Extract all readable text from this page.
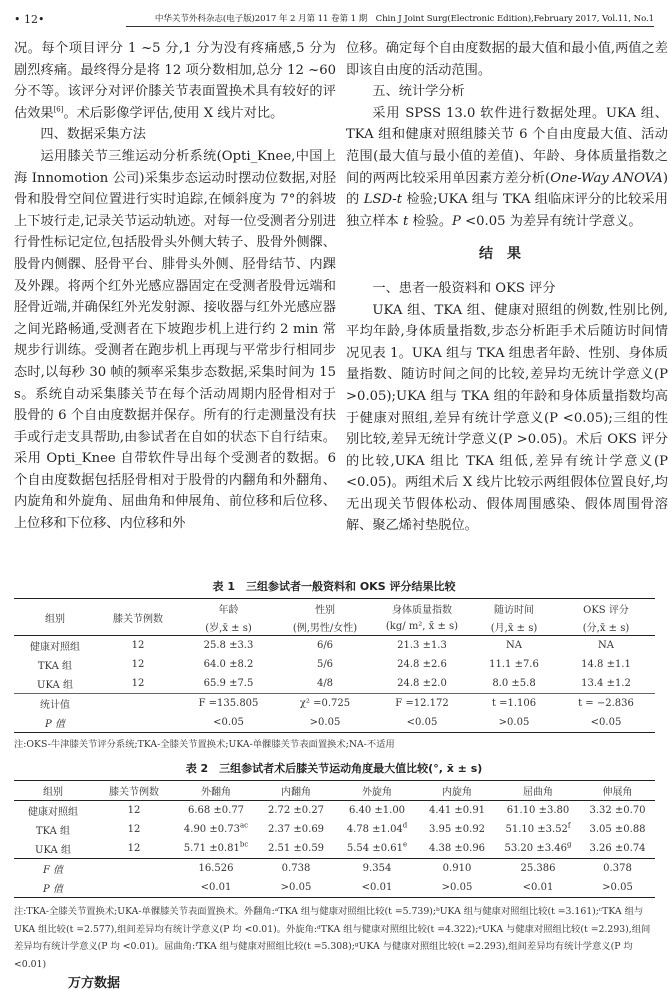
• 12•	中华关节外科杂志(电子版)2017 年 2 月第 11 卷第 1 期　Chin J Joint Surg(Electronic Edition),February 2017, Vol.11, No.1

况。每个项目评分 1 ~5 分,1 分为没有疼痛感,5 分为剧烈疼痛。最终得分是将 12 项分数相加,总分 12 ~60 分不等。该评分对评价膝关节表面置换术具有较好的评估效果[6]。术后影像学评估,使用 X 线片对比。

四、数据采集方法

运用膝关节三维运动分析系统(Opti_Knee,中国上海 Innomotion 公司)采集步态运动时摆动位数据,对胫骨和股骨空间位置进行实时追踪,在倾斜度为 7°的斜坡上下坡行走,记录关节运动轨迹。对每一位受测者分别进行骨性标记定位,包括股骨头外侧大转子、股骨外侧髁、股骨内侧髁、胫骨平台、腓骨头外侧、胫骨结节、内踝及外踝。将两个红外光感应器固定在受测者股骨远端和胫骨近端,并确保红外光发射源、接收器与红外光感应器之间光路畅通,受测者在下坡跑步机上进行约 2 min 常规步行训练。受测者在跑步机上再现与平常步行相同步态时,以每秒 30 帧的频率采集步态数据,采集时间为 15 s。系统自动采集膝关节在每个活动周期内胫骨相对于股骨的 6 个自由度数据并保存。所有的行走测量没有扶手或行走支具帮助,由参试者在自如的状态下自行结束。采用 Opti_Knee 自带软件导出每个受测者的数据。6 个自由度数据包括胫骨相对于股骨的内翻角和外翻角、内旋角和外旋角、屈曲角和伸展角、前位移和后位移、上位移和下位移、内位移和外

位移。确定每个自由度数据的最大值和最小值,两值之差即该自由度的活动范围。

五、统计学分析

采用 SPSS 13.0 软件进行数据处理。UKA 组、TKA 组和健康对照组膝关节 6 个自由度最大值、活动范围(最大值与最小值的差值)、年龄、身体质量指数之间的两两比较采用单因素方差分析(One-Way ANOVA)的 LSD-t 检验;UKA 组与 TKA 组临床评分的比较采用独立样本 t 检验。P <0.05 为差异有统计学意义。

结果

一、患者一般资料和 OKS 评分

UKA 组、TKA 组、健康对照组的例数,性别比例,平均年龄,身体质量指数,步态分析距手术后随访时间情况见表 1。UKA 组与 TKA 组患者年龄、性别、身体质量指数、随访时间之间的比较,差异均无统计学意义(P >0.05);UKA 组与 TKA 组的年龄和身体质量指数均高于健康对照组,差异有统计学意义(P <0.05);三组的性别比较,差异无统计学意义(P >0.05)。术后 OKS 评分的比较,UKA 组比 TKA 组低,差异有统计学意义(P <0.05)。两组术后 X 线片比较示两组假体位置良好,均无出现关节假体松动、假体周围感染、假体周围骨溶解、聚乙烯衬垫脱位。

表 1　三组参试者一般资料和 OKS 评分结果比较
组别	膝关节例数	年龄	性别	身体质量指数	随访时间	OKS 评分
		(岁,x̄ ± s)	(例,男性/女性)	(kg/ m², x̄ ± s)	(月,x̄ ± s)	(分,x̄ ± s)
健康对照组	12	25.8 ±3.3	6/6	21.3 ±1.3	NA	NA
TKA 组	12	64.0 ±8.2	5/6	24.8 ±2.6	11.1 ±7.6	14.8 ±1.1
UKA 组	12	65.9 ±7.5	4/8	24.8 ±2.0	8.0 ±5.8	13.4 ±1.2
统计值		F =135.805	χ² =0.725	F =12.172	t =1.106	t = −2.836
P 值		<0.05	>0.05	<0.05	>0.05	<0.05
注:OKS-牛津膝关节评分系统;TKA-全膝关节置换术;UKA-单髁膝关节表面置换术;NA-不适用
表 2　三组参试者术后膝关节运动角度最大值比较(°, x̄ ± s)
组别	膝关节例数	外翻角	内翻角	外旋角	内旋角	屈曲角	伸展角
健康对照组	12	6.68 ±0.77	2.72 ±0.27	6.40 ±1.00	4.41 ±0.91	61.10 ±3.80	3.32 ±0.70
TKA 组	12	4.90 ±0.73$^{ac}$	2.37 ±0.69	4.78 ±1.04$^d$	3.95 ±0.92	51.10 ±3.52$^f$	3.05 ±0.88
UKA 组	12	5.71 ±0.81$^{bc}$	2.51 ±0.59	5.54 ±0.61$^e$	4.38 ±0.96	53.20 ±3.46$^g$	3.26 ±0.74
F 值		16.526	0.738	9.354	0.910	25.386	0.378
P 值		<0.01	>0.05	<0.01	>0.05	<0.01	>0.05
注:TKA-全膝关节置换术;UKA-单髁膝关节表面置换术。外翻角:ᵃTKA 组与健康对照组比较(t =5.739);ᵇUKA 组与健康对照组比较(t =3.161);ᶜTKA 组与 UKA 组比较(t =2.577),组间差异均有统计学意义(P 均 <0.01)。外旋角:ᵈTKA 组与健康对照组比较(t =4.322);ᵉUKA 与健康对照组比较(t =2.293),组间差异均有统计学意义(P 均 <0.01)。屈曲角:ᶠTKA 组与健康对照组比较(t =5.308);ᵍUKA 与健康对照组比较(t =2.293),组间差异均有统计学意义(P 均 <0.01)
万方数据
